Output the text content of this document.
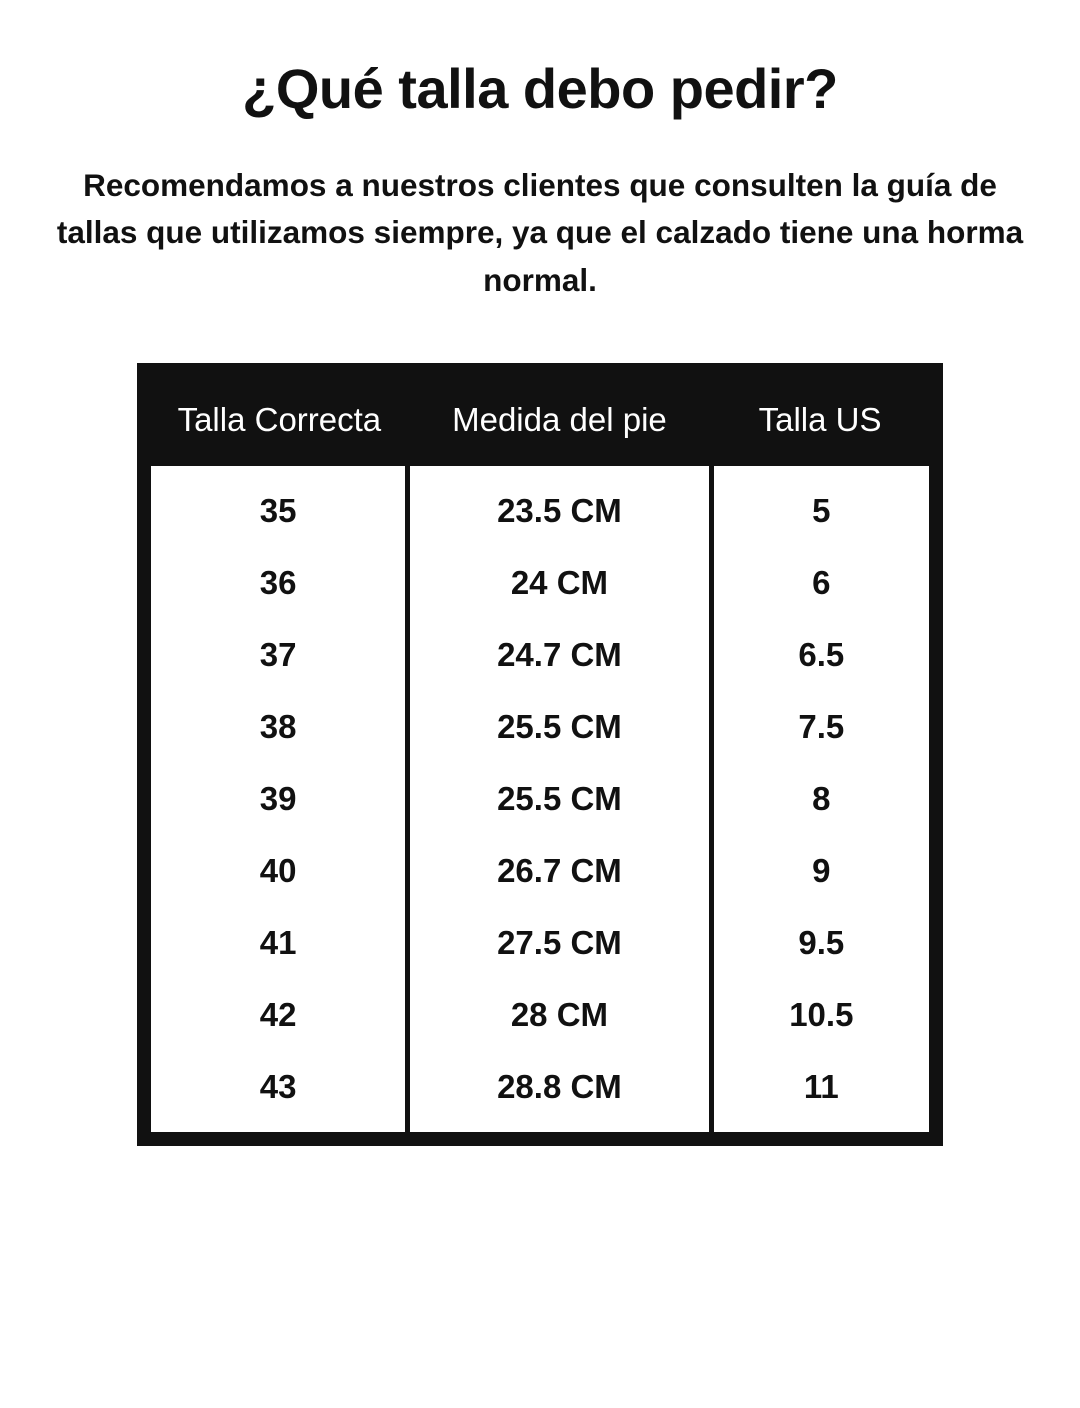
¿Qué talla debo pedir?

Recomendamos a nuestros clientes que consulten la guía de tallas que utilizamos siempre, ya que el calzado tiene una horma normal.

Talla Correcta	Medida del pie	Talla US
35	23.5 CM	5
36	24 CM	6
37	24.7 CM	6.5
38	25.5 CM	7.5
39	25.5 CM	8
40	26.7 CM	9
41	27.5 CM	9.5
42	28 CM	10.5
43	28.8 CM	11
